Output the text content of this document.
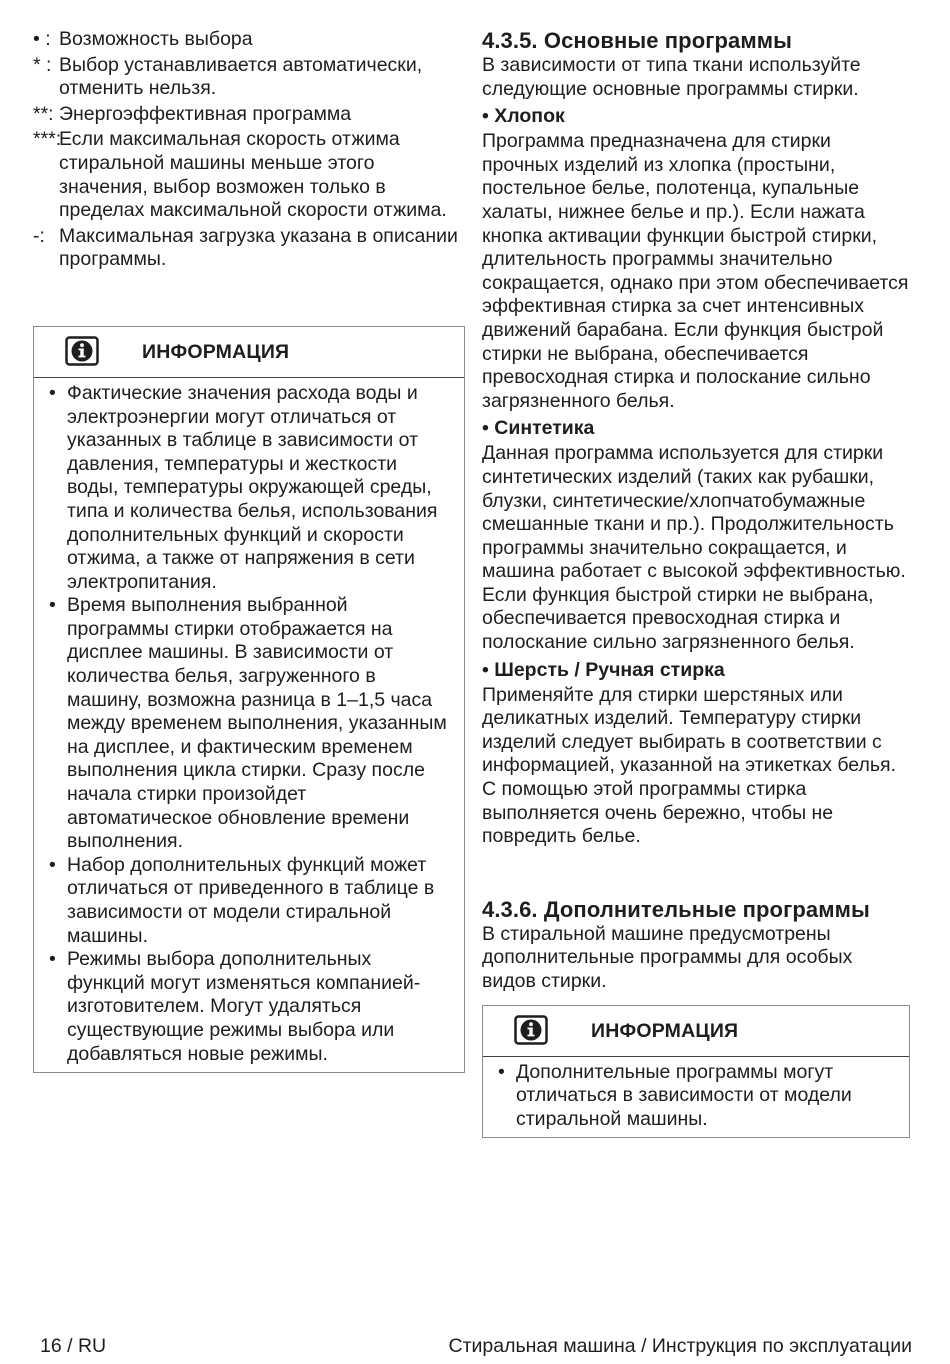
• : Возможность выбора
* : Выбор устанавливается автоматически, отменить нельзя.
**: Энергоэффективная программа
***:
Если максимальная скорость отжима стиральной машины меньше этого значения, выбор возможен только в пределах максимальной скорости отжима.
-: Максимальная загрузка указана в описании программы.
ИНФОРМАЦИЯ
• Фактические значения расхода воды и электроэнергии могут отличаться от указанных в таблице в зависимости от давления, температуры и жесткости воды, температуры окружающей среды, типа и количества белья, использования дополнительных функций и скорости отжима, а также от напряжения в сети электропитания.
• Время выполнения выбранной программы стирки отображается на дисплее машины. В зависимости от количества белья, загруженного в машину, возможна разница в 1–1,5 часа между временем выполнения, указанным на дисплее, и фактическим временем выполнения цикла стирки. Сразу после начала стирки произойдет автоматическое обновление времени выполнения.
• Набор дополнительных функций может отличаться от приведенного в таблице в зависимости от модели стиральной машины.
• Режимы выбора дополнительных функций могут изменяться компанией-изготовителем. Могут удаляться существующие режимы выбора или добавляться новые режимы.
4.3.5. Основные программы

В зависимости от типа ткани используйте следующие основные программы стирки.

• Хлопок

Программа предназначена для стирки прочных изделий из хлопка (простыни, постельное белье, полотенца, купальные халаты, нижнее белье и пр.). Если нажата кнопка активации функции быстрой стирки, длительность программы значительно сокращается, однако при этом обеспечивается эффективная стирка за счет интенсивных движений барабана. Если функция быстрой стирки не выбрана, обеспечивается превосходная стирка и полоскание сильно загрязненного белья.

• Синтетика

Данная программа используется для стирки синтетических изделий (таких как рубашки, блузки, синтетические/хлопчатобумажные смешанные ткани и пр.). Продолжительность программы значительно сокращается, и машина работает с высокой эффективностью. Если функция быстрой стирки не выбрана, обеспечивается превосходная стирка и полоскание сильно загрязненного белья.

• Шерсть / Ручная стирка

Применяйте для стирки шерстяных или деликатных изделий. Температуру стирки изделий следует выбирать в соответствии с информацией, указанной на этикетках белья. С помощью этой программы стирка выполняется очень бережно, чтобы не повредить белье.

4.3.6. Дополнительные программы

В стиральной машине предусмотрены дополнительные программы для особых видов стирки.

ИНФОРМАЦИЯ
• Дополнительные программы могут отличаться в зависимости от модели стиральной машины.
16 / RU	Стиральная машина / Инструкция по эксплуатации
